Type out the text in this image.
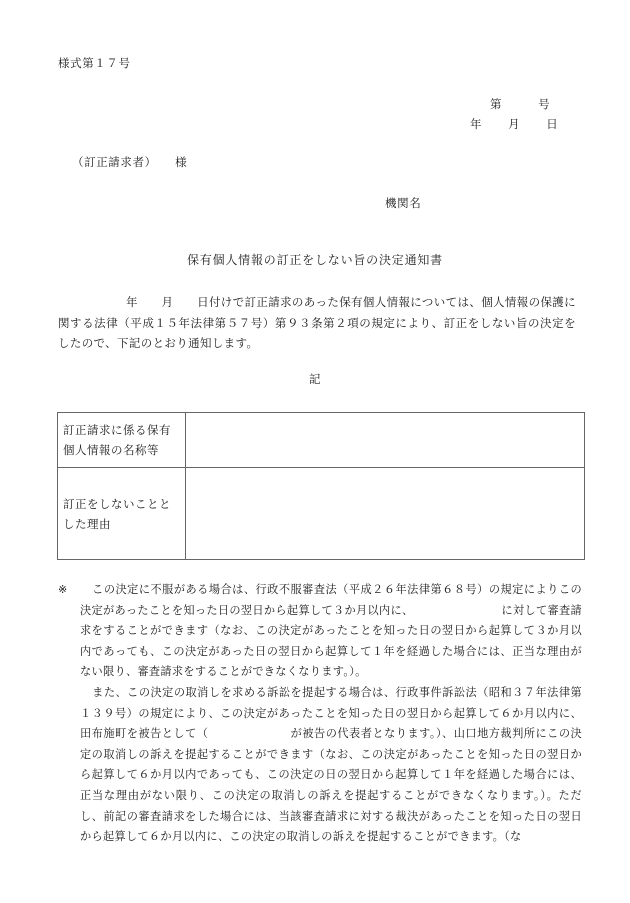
様式第１７号
第	号
年 月 日
（訂正請求者）　　様
機関名
保有個人情報の訂正をしない旨の決定通知書
年　　月　　日付けで訂正請求のあった保有個人情報については、個人情報の保護に関する法律（平成１５年法律第５７号）第９３条第２項の規定により、訂正をしない旨の決定をしたので、下記のとおり通知します。
記
訂正請求に係る保有個人情報の名称等	
訂正をしないこととした理由	
※	この決定に不服がある場合は、行政不服審査法（平成２６年法律第６８号）の規定によりこの決定があったことを知った日の翌日から起算して３か月以内に、	に対して審査請求をすることができます（なお、この決定があったことを知った日の翌日から起算して３か月以内であっても、この決定があった日の翌日から起算して１年を経過した場合には、正当な理由がない限り、審査請求をすることができなくなります。）。
また、この決定の取消しを求める訴訟を提起する場合は、行政事件訴訟法（昭和３７年法律第１３９号）の規定により、この決定があったことを知った日の翌日から起算して６か月以内に、田布施町を被告として（	が被告の代表者となります。）、山口地方裁判所にこの決定の取消しの訴えを提起することができます（なお、この決定があったことを知った日の翌日から起算して６か月以内であっても、この決定の日の翌日から起算して１年を経過した場合には、正当な理由がない限り、この決定の取消しの訴えを提起することができなくなります。）。ただし、前記の審査請求をした場合には、当該審査請求に対する裁決があったことを知った日の翌日から起算して６か月以内に、この決定の取消しの訴えを提起することができます。（な
